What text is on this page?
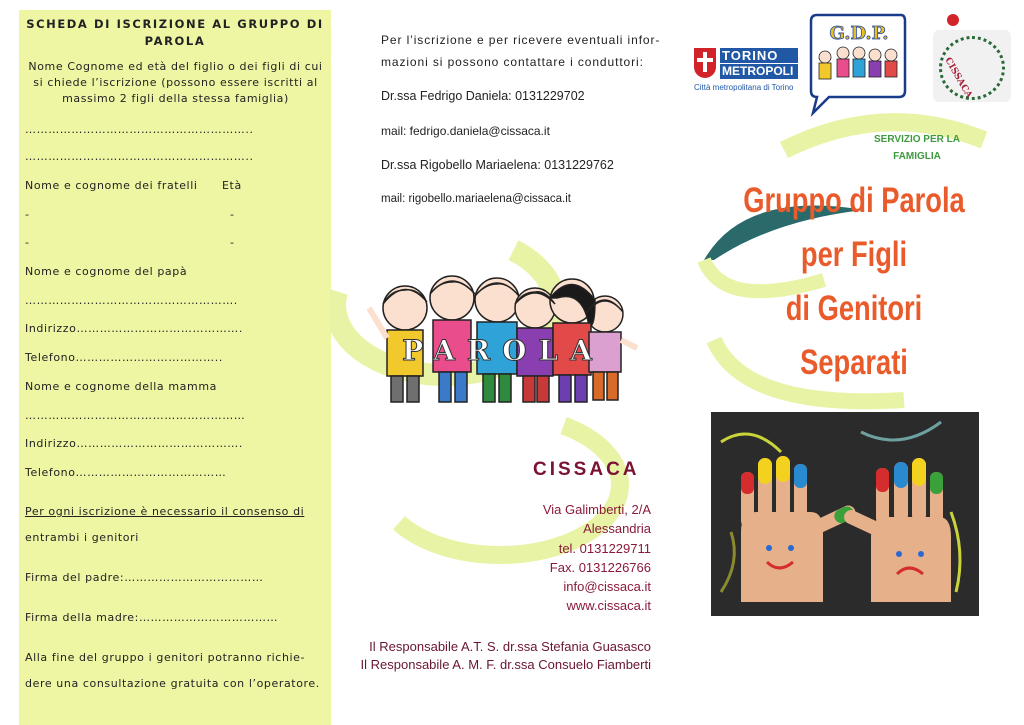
SCHEDA DI ISCRIZIONE AL GRUPPO DI PAROLA
Nome Cognome ed età del figlio o dei figli di cui si chiede l’iscrizione (possono essere iscritti al massimo 2 figli della stessa famiglia)
…………………………………………………..
…………………………………………………..
Nome e cognome dei fratelli Età
-	-
-	-
Nome e cognome del papà
……………………………………………….
Indirizzo…………………………………….
Telefono………………………………..
Nome e cognome della mamma
…………………………………………………
Indirizzo…………………………………….
Telefono…………………………………
Per ogni iscrizione è necessario il consenso di
entrambi i genitori
Firma del padre:………………………………
Firma della madre:………………………………
Alla fine del gruppo i genitori potranno richie-
dere una consultazione gratuita con l’operatore.
Per l’iscrizione e per ricevere eventuali infor-
mazioni si possono contattare i conduttori:
Dr.ssa Fedrigo Daniela: 0131229702
mail: fedrigo.daniela@cissaca.it
Dr.ssa Rigobello Mariaelena: 0131229762
mail: rigobello.mariaelena@cissaca.it
PAROLA
CISSACA
Via Galimberti, 2/A
Alessandria
tel. 0131229711
Fax. 0131226766
info@cissaca.it
www.cissaca.it
Il Responsabile A.T. S. dr.ssa Stefania Guasasco
Il Responsabile A. M. F. dr.ssa Consuelo Fiamberti
TORINO
METROPOLI
Città metropolitana di Torino
G.D.P.
CISSACA
SERVIZIO PER LA FAMIGLIA
Gruppo di Parola
per Figli
di Genitori
Separati
